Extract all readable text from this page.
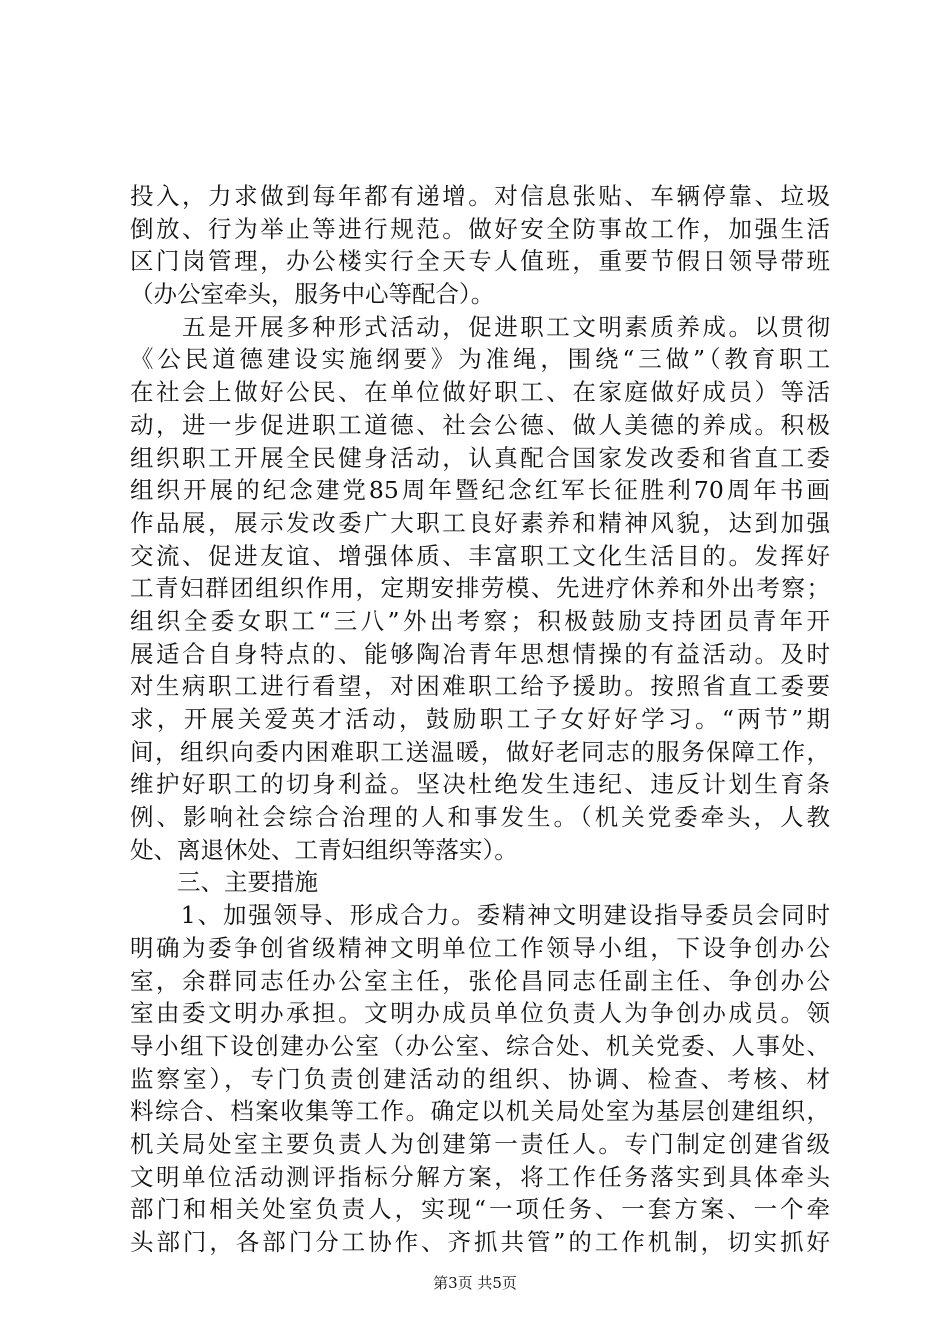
投入，力求做到每年都有递增。对信息张贴、车辆停靠、垃圾
倒放、行为举止等进行规范。做好安全防事故工作，加强生活
区门岗管理，办公楼实行全天专人值班，重要节假日领导带班
（办公室牵头，服务中心等配合）。
　　五是开展多种形式活动，促进职工文明素质养成。以贯彻
《公民道德建设实施纲要》为准绳，围绕“三做”（教育职工
在社会上做好公民、在单位做好职工、在家庭做好成员）等活
动，进一步促进职工道德、社会公德、做人美德的养成。积极
组织职工开展全民健身活动，认真配合国家发改委和省直工委
组织开展的纪念建党85周年暨纪念红军长征胜利70周年书画
作品展，展示发改委广大职工良好素养和精神风貌，达到加强
交流、促进友谊、增强体质、丰富职工文化生活目的。发挥好
工青妇群团组织作用，定期安排劳模、先进疗休养和外出考察；
组织全委女职工“三八”外出考察；积极鼓励支持团员青年开
展适合自身特点的、能够陶冶青年思想情操的有益活动。及时
对生病职工进行看望，对困难职工给予援助。按照省直工委要
求，开展关爱英才活动，鼓励职工子女好好学习。“两节”期
间，组织向委内困难职工送温暖，做好老同志的服务保障工作，
维护好职工的切身利益。坚决杜绝发生违纪、违反计划生育条
例、影响社会综合治理的人和事发生。（机关党委牵头，人教
处、离退休处、工青妇组织等落实）。
　　三、主要措施
　　1、加强领导、形成合力。委精神文明建设指导委员会同时
明确为委争创省级精神文明单位工作领导小组，下设争创办公
室，余群同志任办公室主任，张伦昌同志任副主任、争创办公
室由委文明办承担。文明办成员单位负责人为争创办成员。领
导小组下设创建办公室（办公室、综合处、机关党委、人事处、
监察室），专门负责创建活动的组织、协调、检查、考核、材
料综合、档案收集等工作。确定以机关局处室为基层创建组织，
机关局处室主要负责人为创建第一责任人。专门制定创建省级
文明单位活动测评指标分解方案，将工作任务落实到具体牵头
部门和相关处室负责人，实现“一项任务、一套方案、一个牵
头部门，各部门分工协作、齐抓共管”的工作机制，切实抓好
第3页 共5页
